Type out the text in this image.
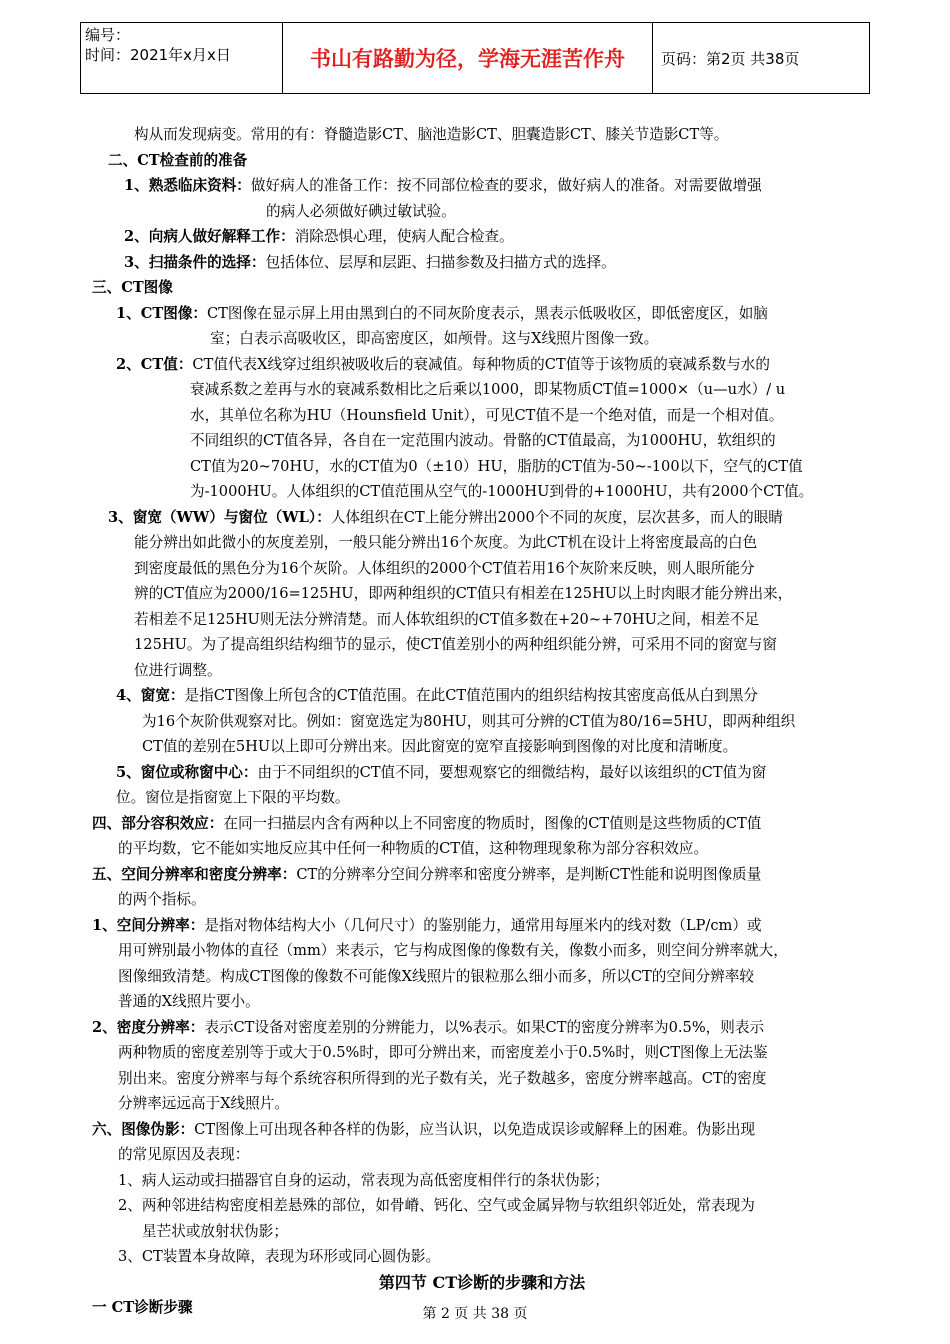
编号：
时间：2021年x月x日	书山有路勤为径，学海无涯苦作舟	页码：第2页 共38页
构从而发现病变。常用的有：脊髓造影CT、脑池造影CT、胆囊造影CT、膝关节造影CT等。
二、CT检查前的准备
1、熟悉临床资料：做好病人的准备工作：按不同部位检查的要求，做好病人的准备。对需要做增强
的病人必须做好碘过敏试验。
2、向病人做好解释工作：消除恐惧心理，使病人配合检查。
3、扫描条件的选择：包括体位、层厚和层距、扫描参数及扫描方式的选择。
三、CT图像
1、CT图像：CT图像在显示屏上用由黑到白的不同灰阶度表示，黑表示低吸收区，即低密度区，如脑
室；白表示高吸收区，即高密度区，如颅骨。这与X线照片图像一致。
2、CT值：CT值代表X线穿过组织被吸收后的衰减值。每种物质的CT值等于该物质的衰减系数与水的
衰减系数之差再与水的衰减系数相比之后乘以1000，即某物质CT值=1000×（u—u水）/ u
水，其单位名称为HU（Hounsfield Unit），可见CT值不是一个绝对值，而是一个相对值。
不同组织的CT值各异，各自在一定范围内波动。骨骼的CT值最高，为1000HU，软组织的
CT值为20~70HU，水的CT值为0（±10）HU，脂肪的CT值为-50~-100以下，空气的CT值
为-1000HU。人体组织的CT值范围从空气的-1000HU到骨的+1000HU，共有2000个CT值。
3、窗宽（WW）与窗位（WL）：人体组织在CT上能分辨出2000个不同的灰度，层次甚多，而人的眼睛
能分辨出如此微小的灰度差别，一般只能分辨出16个灰度。为此CT机在设计上将密度最高的白色
到密度最低的黑色分为16个灰阶。人体组织的2000个CT值若用16个灰阶来反映，则人眼所能分
辨的CT值应为2000/16=125HU，即两种组织的CT值只有相差在125HU以上时肉眼才能分辨出来，
若相差不足125HU则无法分辨清楚。而人体软组织的CT值多数在+20~+70HU之间，相差不足
125HU。为了提高组织结构细节的显示，使CT值差别小的两种组织能分辨，可采用不同的窗宽与窗
位进行调整。
4、窗宽：是指CT图像上所包含的CT值范围。在此CT值范围内的组织结构按其密度高低从白到黑分
为16个灰阶供观察对比。例如：窗宽选定为80HU，则其可分辨的CT值为80/16=5HU，即两种组织
CT值的差别在5HU以上即可分辨出来。因此窗宽的宽窄直接影响到图像的对比度和清晰度。
5、窗位或称窗中心：由于不同组织的CT值不同，要想观察它的细微结构，最好以该组织的CT值为窗
位。窗位是指窗宽上下限的平均数。
四、部分容积效应：在同一扫描层内含有两种以上不同密度的物质时，图像的CT值则是这些物质的CT值
的平均数，它不能如实地反应其中任何一种物质的CT值，这种物理现象称为部分容积效应。
五、空间分辨率和密度分辨率：CT的分辨率分空间分辨率和密度分辨率，是判断CT性能和说明图像质量
的两个指标。
1、空间分辨率：是指对物体结构大小（几何尺寸）的鉴别能力，通常用每厘米内的线对数（LP/cm）或
用可辨别最小物体的直径（mm）来表示，它与构成图像的像数有关，像数小而多，则空间分辨率就大，
图像细致清楚。构成CT图像的像数不可能像X线照片的银粒那么细小而多，所以CT的空间分辨率较
普通的X线照片要小。
2、密度分辨率：表示CT设备对密度差别的分辨能力，以%表示。如果CT的密度分辨率为0.5%，则表示
两种物质的密度差别等于或大于0.5%时，即可分辨出来，而密度差小于0.5%时，则CT图像上无法鉴
别出来。密度分辨率与每个系统容积所得到的光子数有关，光子数越多，密度分辨率越高。CT的密度
分辨率远远高于X线照片。
六、图像伪影：CT图像上可出现各种各样的伪影，应当认识，以免造成误诊或解释上的困难。伪影出现
的常见原因及表现：
1、病人运动或扫描器官自身的运动，常表现为高低密度相伴行的条状伪影；
2、两种邻进结构密度相差悬殊的部位，如骨嵴、钙化、空气或金属异物与软组织邻近处，常表现为
星芒状或放射状伪影；
3、CT装置本身故障，表现为环形或同心圆伪影。
第四节 CT诊断的步骤和方法
一 CT诊断步骤	第 2 页 共 38 页
